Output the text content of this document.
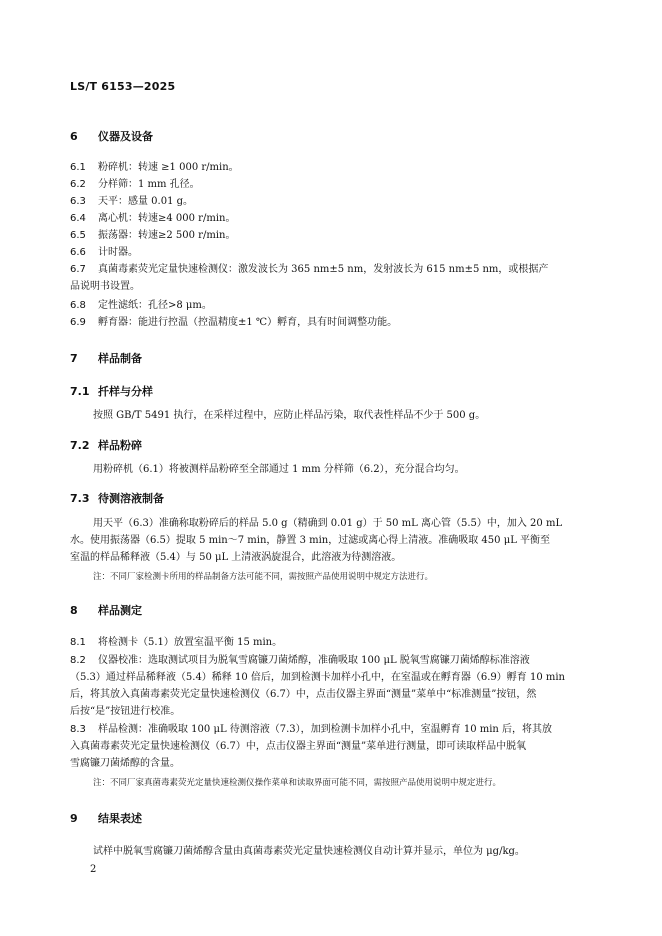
LS/T 6153—2025
6 仪器及设备
6.1 粉碎机：转速 ≥1 000 r/min。
6.2 分样筛：1 mm 孔径。
6.3 天平：感量 0.01 g。
6.4 离心机：转速≥4 000 r/min。
6.5 振荡器：转速≥2 500 r/min。
6.6 计时器。
6.7 真菌毒素荧光定量快速检测仪：激发波长为 365 nm±5 nm，发射波长为 615 nm±5 nm，或根据产
品说明书设置。
6.8 定性滤纸：孔径>8 μm。
6.9 孵育器：能进行控温（控温精度±1 ℃）孵育，具有时间调整功能。
7 样品制备
7.1 扦样与分样
按照 GB/T 5491 执行，在采样过程中，应防止样品污染，取代表性样品不少于 500 g。
7.2 样品粉碎
用粉碎机（6.1）将被测样品粉碎至全部通过 1 mm 分样筛（6.2），充分混合均匀。
7.3 待测溶液制备
用天平（6.3）准确称取粉碎后的样品 5.0 g（精确到 0.01 g）于 50 mL 离心管（5.5）中，加入 20 mL
水。使用振荡器（6.5）提取 5 min～7 min，静置 3 min，过滤或离心得上清液。准确吸取 450 μL 平衡至
室温的样品稀释液（5.4）与 50 μL 上清液涡旋混合，此溶液为待测溶液。
注：不同厂家检测卡所用的样品制备方法可能不同，需按照产品使用说明中规定方法进行。
8 样品测定
8.1 将检测卡（5.1）放置室温平衡 15 min。
8.2 仪器校准：选取测试项目为脱氧雪腐镰刀菌烯醇，准确吸取 100 μL 脱氧雪腐镰刀菌烯醇标准溶液
（5.3）通过样品稀释液（5.4）稀释 10 倍后，加到检测卡加样小孔中，在室温或在孵育器（6.9）孵育 10 min
后，将其放入真菌毒素荧光定量快速检测仪（6.7）中，点击仪器主界面“测量”菜单中“标准测量”按钮，然
后按“是”按钮进行校准。
8.3 样品检测：准确吸取 100 μL 待测溶液（7.3），加到检测卡加样小孔中，室温孵育 10 min 后，将其放
入真菌毒素荧光定量快速检测仪（6.7）中，点击仪器主界面“测量”菜单进行测量，即可读取样品中脱氧
雪腐镰刀菌烯醇的含量。
注：不同厂家真菌毒素荧光定量快速检测仪操作菜单和读取界面可能不同，需按照产品使用说明中规定进行。
9 结果表述
试样中脱氧雪腐镰刀菌烯醇含量由真菌毒素荧光定量快速检测仪自动计算并显示，单位为 μg/kg。
2
